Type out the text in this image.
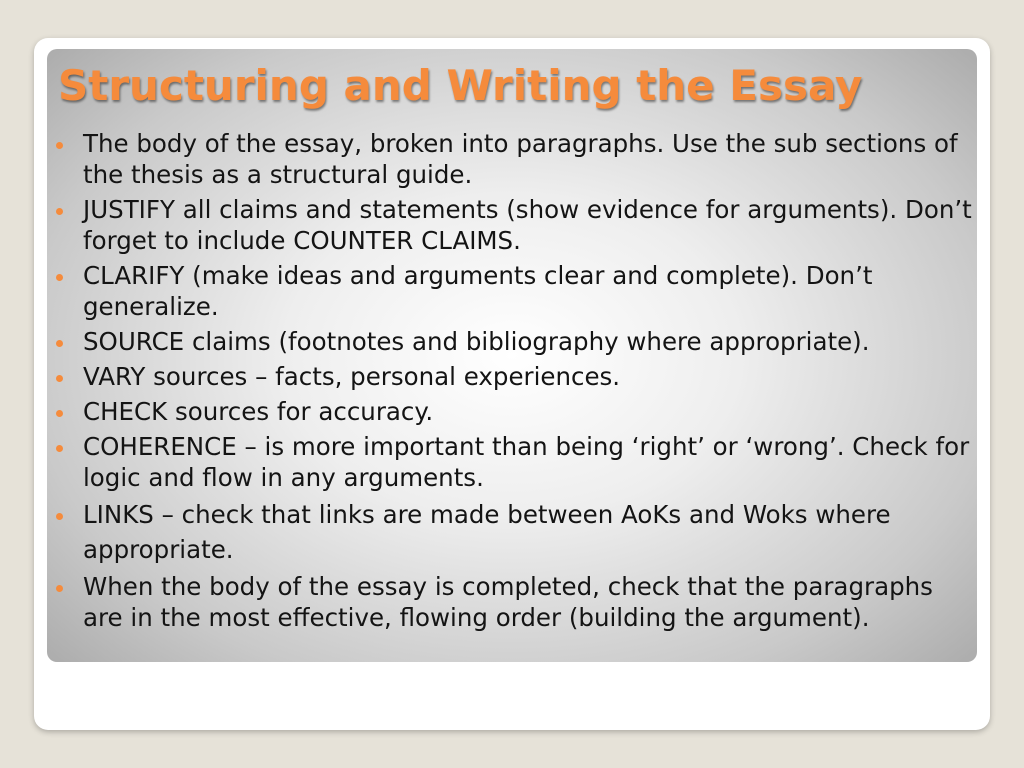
Structuring and Writing the Essay
The body of the essay, broken into paragraphs. Use the sub sections of the thesis as a structural guide.
JUSTIFY all claims and statements (show evidence for arguments). Don’t forget to include COUNTER CLAIMS.
CLARIFY (make ideas and arguments clear and complete). Don’t generalize.
SOURCE claims (footnotes and bibliography where appropriate).
VARY sources – facts, personal experiences.
CHECK sources for accuracy.
COHERENCE – is more important than being ‘right’ or ‘wrong’. Check for logic and flow in any arguments.
LINKS – check that links are made between AoKs and Woks where appropriate.
When the body of the essay is completed, check that the paragraphs are in the most effective, flowing order (building the argument).
